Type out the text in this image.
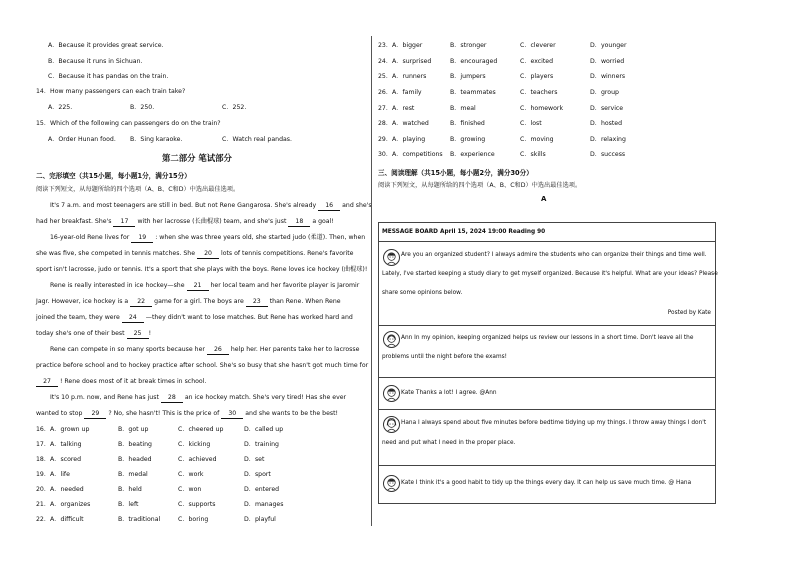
A．Because it provides great service.
B．Because it runs in Sichuan.
C．Because it has pandas on the train.
14．How many passengers can each train take?
A．225.	B．250.	C．252.
15．Which of the following can passengers do on the train?
A．Order Hunan food. B．Sing karaoke.	C．Watch real pandas.
第二部分 笔试部分
二、完形填空（共15小题，每小题1分，满分15分）
阅读下列短文，从每题所给的四个选项（A、B、C和D）中选出最佳选项。
It's 7 a.m. and most teenagers are still in bed. But not Rene Gangarosa. She's already 16 and she's
had her breakfast. She's 17 with her lacrosse (长曲棍球) team, and she's just 18 a goal!
16-year-old Rene lives for 19 : when she was three years old, she started judo (柔道). Then, when
she was five, she competed in tennis matches. She 20 lots of tennis competitions. Rene's favorite
sport isn't lacrosse, judo or tennis. It's a sport that she plays with the boys. Rene loves ice hockey (曲棍球)!
Rene is really interested in ice hockey—she 21 her local team and her favorite player is Jaromir
Jagr. However, ice hockey is a 22 game for a girl. The boys are 23 than Rene. When Rene
joined the team, they were 24 —they didn't want to lose matches. But Rene has worked hard and
today she's one of their best 25 !
Rene can compete in so many sports because her 26 help her. Her parents take her to lacrosse
practice before school and to hockey practice after school. She's so busy that she hasn't got much time for
27 ! Rene does most of it at break times in school.
It's 10 p.m. now, and Rene has just 28 an ice hockey match. She's very tired! Has she ever
wanted to stop 29 ? No, she hasn't! This is the price of 30 and she wants to be the best!
16．A．grown up	B．got up	C．cheered up	D．called up
17．A．talking	B．beating	C．kicking	D．training
18．A．scored	B．headed	C．achieved	D．set
19．A．life	B．medal	C．work	D．sport
20．A．needed	B．held	C．won	D．entered
21．A．organizes	B．left	C．supports	D．manages
22．A．difficult	B．traditional	C．boring	D．playful
23．A．bigger	B．stronger	C．cleverer	D．younger
24．A．surprised	B．encouraged	C．excited	D．worried
25．A．runners	B．jumpers	C．players	D．winners
26．A．family	B．teammates	C．teachers	D．group
27．A．rest	B．meal	C．homework	D．service
28．A．watched	B．finished	C．lost	D．hosted
29．A．playing	B．growing	C．moving	D．relaxing
30．A．competitions B．experience	C．skills	D．success
三、阅读理解（共15小题，每小题2分，满分30分）
阅读下列短文，从每题所给的四个选项（A、B、C和D）中选出最佳选项。
A
MESSAGE BOARD April 15, 2024 19:00 Reading 90
Are you an organized student? I always admire the students who can organize their things and time well.
Lately, I've started keeping a study diary to get myself organized. Because it's helpful. What are your ideas? Please
share some opinions below.
Posted by Kate
Ann In my opinion, keeping organized helps us review our lessons in a short time. Don't leave all the
problems until the night before the exams!
Kate Thanks a lot! I agree. @Ann
Hana I always spend about five minutes before bedtime tidying up my things. I throw away things I don't
need and put what I need in the proper place.
Kate I think it's a good habit to tidy up the things every day. It can help us save much time. @ Hana
